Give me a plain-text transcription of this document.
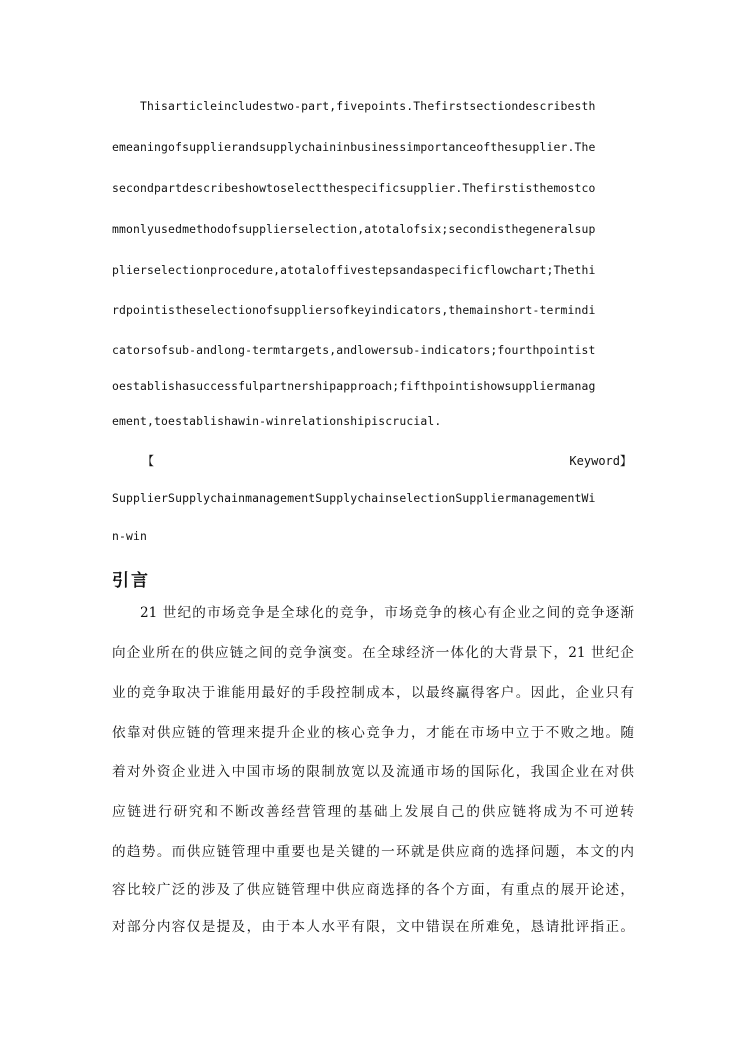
Thisarticleincludestwo-part,fivepoints.Thefirstsectiondescribesth
emeaningofsupplierandsupplychaininbusinessimportanceofthesupplier.The
secondpartdescribeshowtoselectthespecificsupplier.Thefirstisthemostco
mmonlyusedmethodofsupplierselection,atotalofsix;secondisthegeneralsup
plierselectionprocedure,atotaloffivestepsandaspecificflowchart;Thethi
rdpointistheselectionofsuppliersofkeyindicators,themainshort-termindi
catorsofsub-andlong-termtargets,andlowersub-indicators;fourthpointist
oestablishasuccessfulpartnershipapproach;fifthpointishowsuppliermanag
ement,toestablishawin-winrelationshipiscrucial.
【	Keyword】
SupplierSupplychainmanagementSupplychainselectionSuppliermanagementWi
n-win
引言
21 世纪的市场竞争是全球化的竞争，市场竞争的核心有企业之间的竞争逐渐
向企业所在的供应链之间的竞争演变。在全球经济一体化的大背景下，21 世纪企
业的竞争取决于谁能用最好的手段控制成本，以最终赢得客户。因此，企业只有
依靠对供应链的管理来提升企业的核心竞争力，才能在市场中立于不败之地。随
着对外资企业进入中国市场的限制放宽以及流通市场的国际化，我国企业在对供
应链进行研究和不断改善经营管理的基础上发展自己的供应链将成为不可逆转
的趋势。而供应链管理中重要也是关键的一环就是供应商的选择问题，本文的内
容比较广泛的涉及了供应链管理中供应商选择的各个方面，有重点的展开论述，
对部分内容仅是提及，由于本人水平有限，文中错误在所难免，恳请批评指正。
